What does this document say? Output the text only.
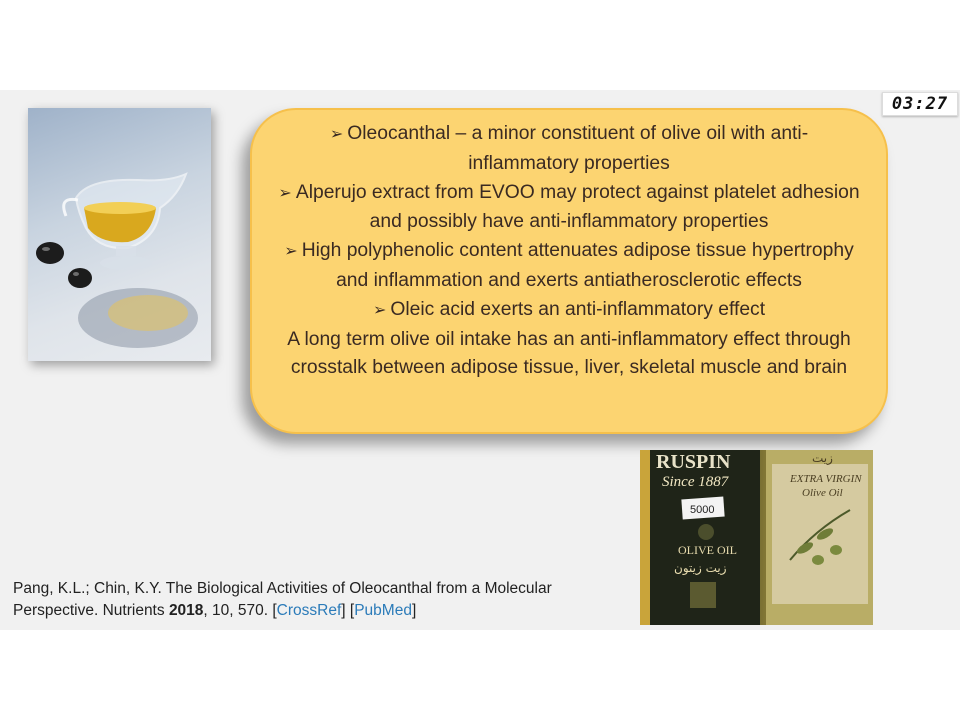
03:27

➢ Oleocanthal – a minor constituent of olive oil with anti-inflammatory properties

➢ Alperujo extract from EVOO may protect against platelet adhesion and possibly have anti-inflammatory properties

➢ High polyphenolic content attenuates adipose tissue hypertrophy and inflammation and exerts antiatherosclerotic effects

➢ Oleic acid exerts an anti-inflammatory effect

A long term olive oil intake has an anti-inflammatory effect through crosstalk between adipose tissue, liver, skeletal muscle and brain

RUSPIN
Since 1887
5000
OLIVE OIL
زيت زيتون
زيت
EXTRA VIRGIN
Olive Oil
Pang, K.L.; Chin, K.Y. The Biological Activities of Oleocanthal from a Molecular Perspective. Nutrients 2018, 10, 570. [CrossRef] [PubMed]
